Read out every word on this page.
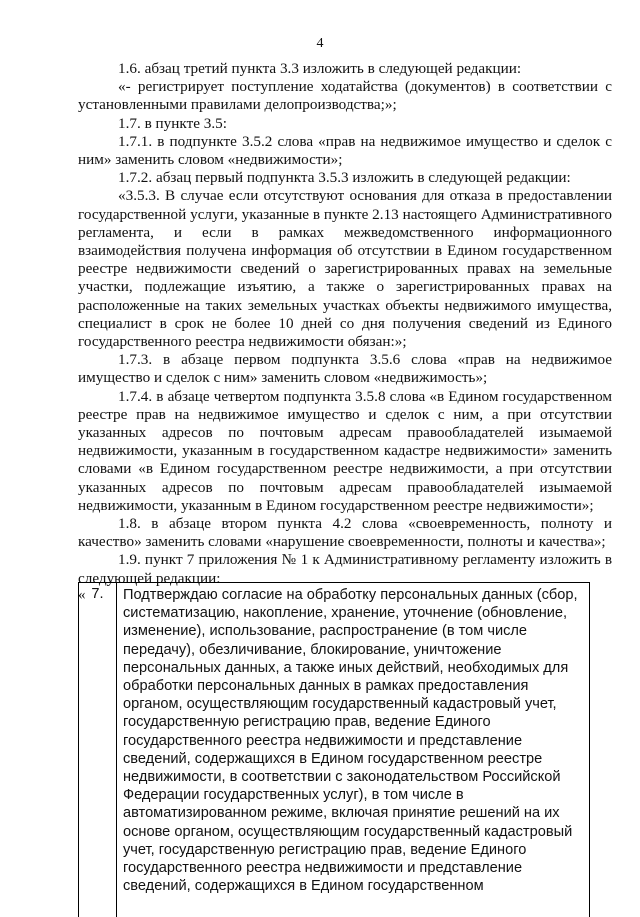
4

1.6. абзац третий пункта 3.3 изложить в следующей редакции:

«- регистрирует поступление ходатайства (документов) в соответствии с установленными правилами делопроизводства;»;

1.7. в пункте 3.5:

1.7.1. в подпункте 3.5.2 слова «прав на недвижимое имущество и сделок с ним» заменить словом «недвижимости»;

1.7.2. абзац первый подпункта 3.5.3 изложить в следующей редакции:

«3.5.3. В случае если отсутствуют основания для отказа в предоставлении государственной услуги, указанные в пункте 2.13 настоящего Административного регламента, и если в рамках межведомственного информационного взаимодействия получена информация об отсутствии в Едином государственном реестре недвижимости сведений о зарегистрированных правах на земельные участки, подлежащие изъятию, а также о зарегистрированных правах на расположенные на таких земельных участках объекты недвижимого имущества, специалист в срок не более 10 дней со дня получения сведений из Единого государственного реестра недвижимости обязан:»;

1.7.3. в абзаце первом подпункта 3.5.6 слова «прав на недвижимое имущество и сделок с ним» заменить словом «недвижимость»;

1.7.4. в абзаце четвертом подпункта 3.5.8 слова «в Едином государственном реестре прав на недвижимое имущество и сделок с ним, а при отсутствии указанных адресов по почтовым адресам правообладателей изымаемой недвижимости, указанным в государственном кадастре недвижимости» заменить словами «в Едином государственном реестре недвижимости, а при отсутствии указанных адресов по почтовым адресам правообладателей изымаемой недвижимости, указанным в Едином государственном реестре недвижимости»;

1.8. в абзаце втором пункта 4.2 слова «своевременность, полноту и качество» заменить словами «нарушение своевременности, полноты и качества»;

1.9. пункт 7 приложения № 1 к Административному регламенту изложить в следующей редакции:

« 7.	Подтверждаю согласие на обработку персональных данных (сбор, систематизацию, накопление, хранение, уточнение (обновление, изменение), использование, распространение (в том числе передачу), обезличивание, блокирование, уничтожение персональных данных, а также иных действий, необходимых для обработки персональных данных в рамках предоставления органом, осуществляющим государственный кадастровый учет, государственную регистрацию прав, ведение Единого государственного реестра недвижимости и представление сведений, содержащихся в Едином государственном реестре недвижимости, в соответствии с законодательством Российской Федерации государственных услуг), в том числе в автоматизированном режиме, включая принятие решений на их основе органом, осуществляющим государственный кадастровый учет, государственную регистрацию прав, ведение Единого государственного реестра недвижимости и представление сведений, содержащихся в Едином государственном
